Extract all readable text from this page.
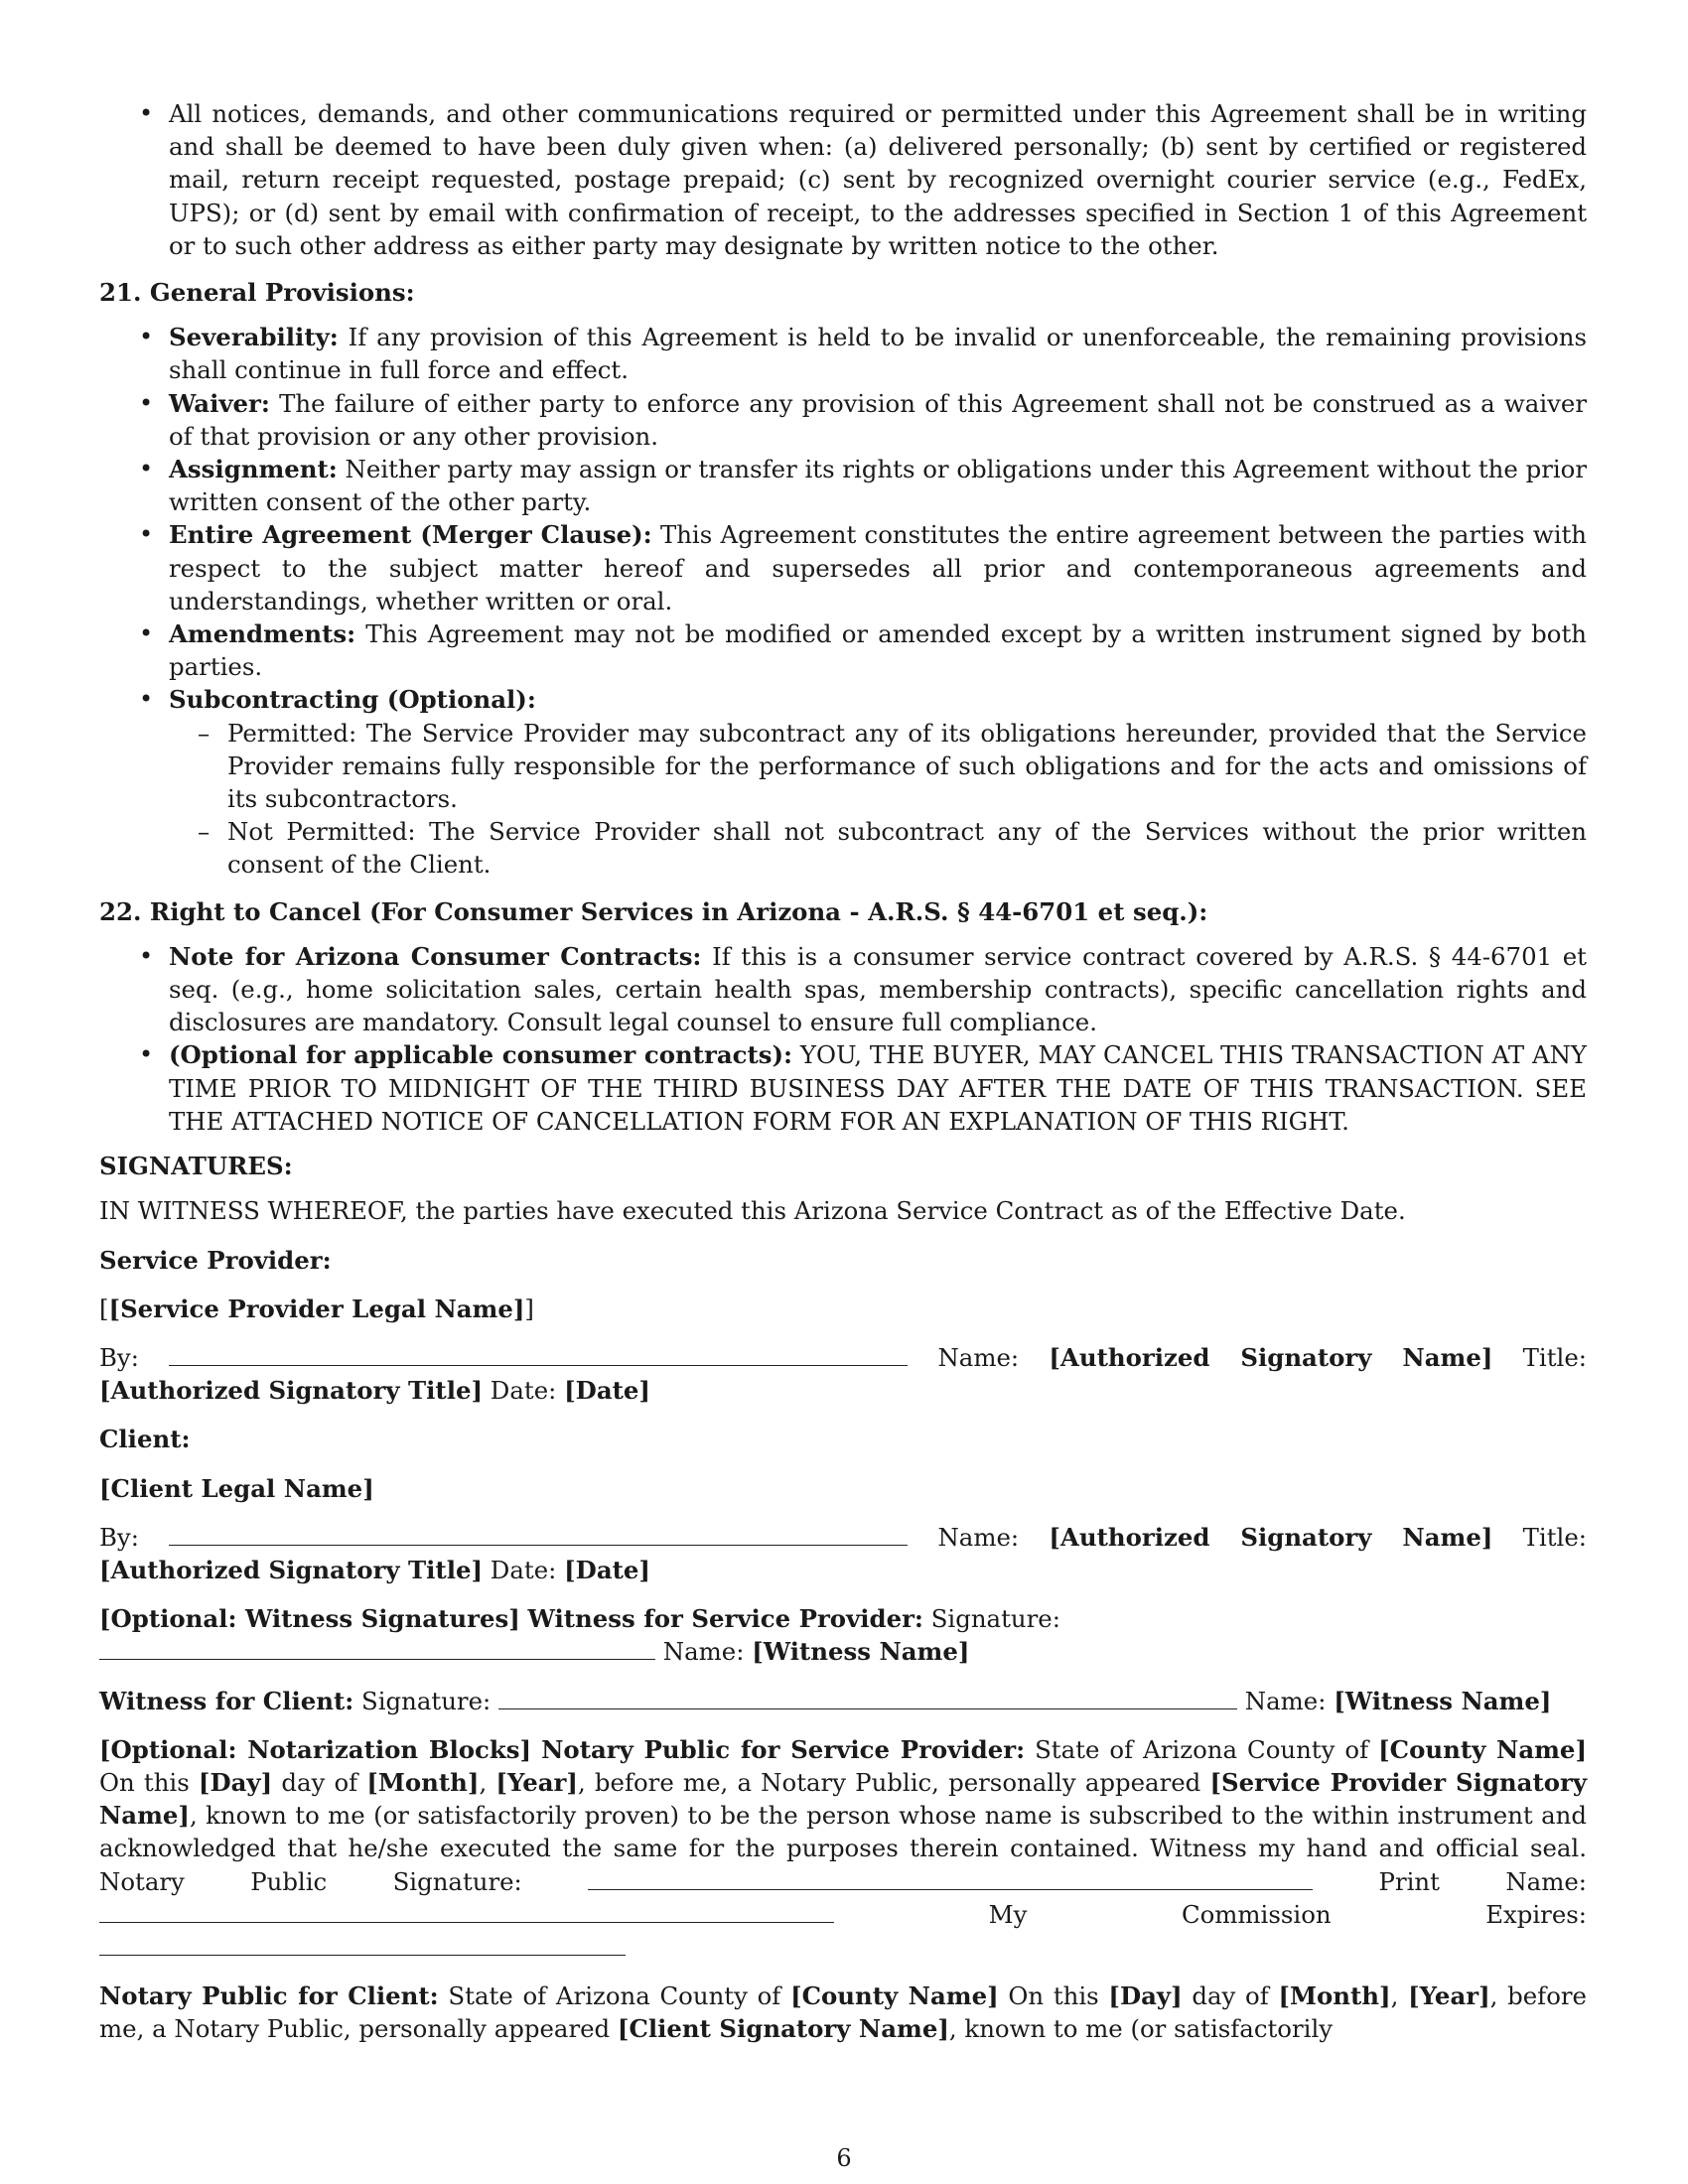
• All notices, demands, and other communications required or permitted under this Agreement shall be in writing and shall be deemed to have been duly given when: (a) delivered personally; (b) sent by certified or registered mail, return receipt requested, postage prepaid; (c) sent by recognized overnight courier service (e.g., FedEx, UPS); or (d) sent by email with confirmation of receipt, to the addresses specified in Section 1 of this Agreement or to such other address as either party may designate by written notice to the other.

21. General Provisions:

• Severability: If any provision of this Agreement is held to be invalid or unenforceable, the remaining provisions shall continue in full force and effect.
• Waiver: The failure of either party to enforce any provision of this Agreement shall not be construed as a waiver of that provision or any other provision.
• Assignment: Neither party may assign or transfer its rights or obligations under this Agreement without the prior written consent of the other party.
• Entire Agreement (Merger Clause): This Agreement constitutes the entire agreement between the parties with respect to the subject matter hereof and supersedes all prior and contemporaneous agreements and understandings, whether written or oral.
• Amendments: This Agreement may not be modified or amended except by a written instrument signed by both parties.
• Subcontracting (Optional):
– Permitted: The Service Provider may subcontract any of its obligations hereunder, provided that the Service Provider remains fully responsible for the performance of such obligations and for the acts and omissions of its subcontractors.
– Not Permitted: The Service Provider shall not subcontract any of the Services without the prior written consent of the Client.

22. Right to Cancel (For Consumer Services in Arizona - A.R.S. § 44-6701 et seq.):

• Note for Arizona Consumer Contracts: If this is a consumer service contract covered by A.R.S. § 44-6701 et seq. (e.g., home solicitation sales, certain health spas, membership contracts), specific cancellation rights and disclosures are mandatory. Consult legal counsel to ensure full compliance.
• (Optional for applicable consumer contracts): YOU, THE BUYER, MAY CANCEL THIS TRANSACTION AT ANY TIME PRIOR TO MIDNIGHT OF THE THIRD BUSINESS DAY AFTER THE DATE OF THIS TRANSACTION. SEE THE ATTACHED NOTICE OF CANCELLATION FORM FOR AN EXPLANATION OF THIS RIGHT.

SIGNATURES:

IN WITNESS WHEREOF, the parties have executed this Arizona Service Contract as of the Effective Date.

Service Provider:

[[Service Provider Legal Name]]

By:	Name: [Authorized Signatory Name] Title: [Authorized Signatory Title] Date: [Date]

Client:

[Client Legal Name]

By:	Name: [Authorized Signatory Name] Title: [Authorized Signatory Title] Date: [Date]

[Optional: Witness Signatures] Witness for Service Provider: Signature:  Name: [Witness Name]

Witness for Client: Signature:	Name: [Witness Name]

[Optional: Notarization Blocks] Notary Public for Service Provider: State of Arizona County of [County Name] On this [Day] day of [Month], [Year], before me, a Notary Public, personally appeared [Service Provider Signatory Name], known to me (or satisfactorily proven) to be the person whose name is subscribed to the within instrument and acknowledged that he/she executed the same for the purposes therein contained. Witness my hand and official seal. Notary Public Signature:	Print Name:  My Commission Expires:

Notary Public for Client: State of Arizona County of [County Name] On this [Day] day of [Month], [Year], before me, a Notary Public, personally appeared [Client Signatory Name], known to me (or satisfactorily

6
